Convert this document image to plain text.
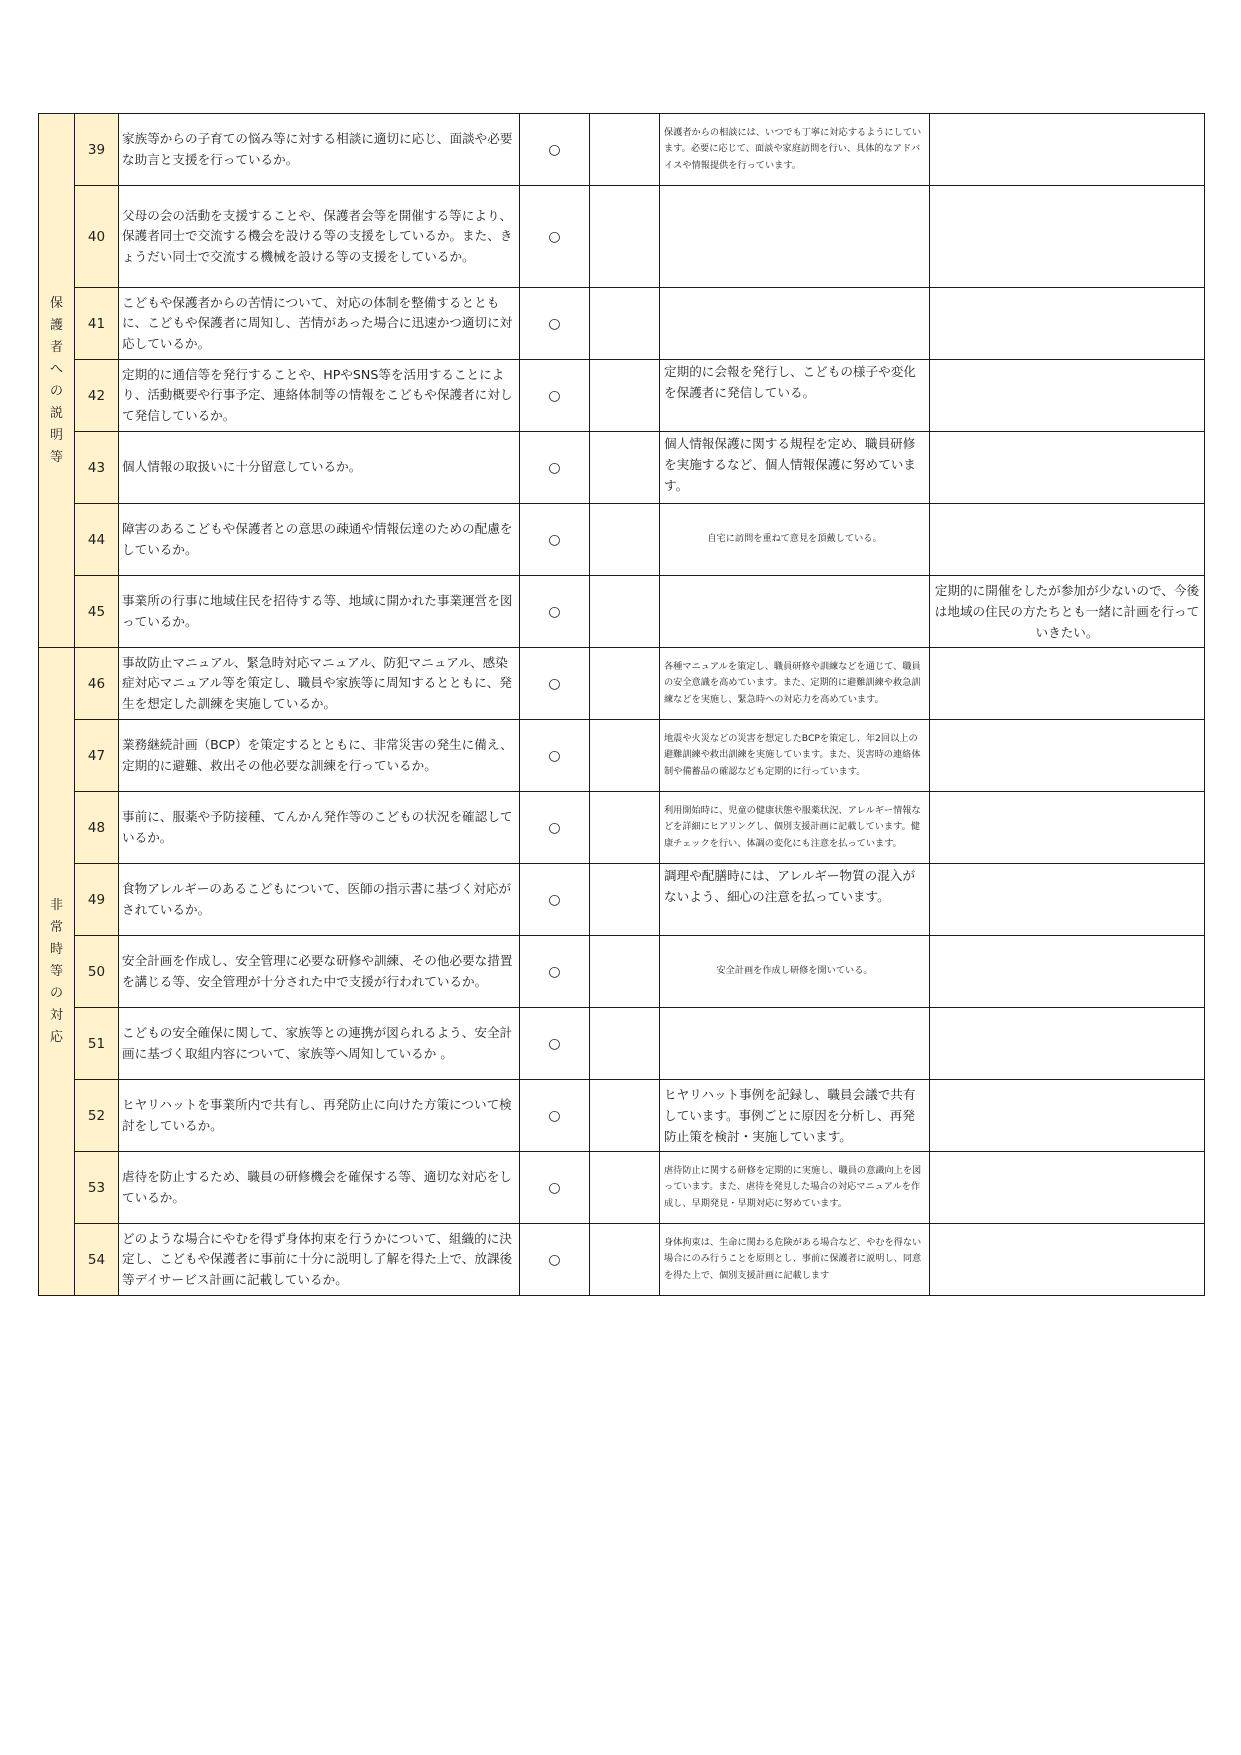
保護者への説明等	39	家族等からの子育ての悩み等に対する相談に適切に応じ、面談や必要な助言と支援を行っているか。	○		保護者からの相談には、いつでも丁寧に対応するようにしています。必要に応じて、面談や家庭訪問を行い、具体的なアドバイスや情報提供を行っています。	
	40	父母の会の活動を支援することや、保護者会等を開催する等により、保護者同士で交流する機会を設ける等の支援をしているか。また、きょうだい同士で交流する機械を設ける等の支援をしているか。	○			
	41	こどもや保護者からの苦情について、対応の体制を整備するとともに、こどもや保護者に周知し、苦情があった場合に迅速かつ適切に対応しているか。	○			
	42	定期的に通信等を発行することや、HPやSNS等を活用することにより、活動概要や行事予定、連絡体制等の情報をこどもや保護者に対して発信しているか。	○		定期的に会報を発行し、こどもの様子や変化を保護者に発信している。	
	43	個人情報の取扱いに十分留意しているか。	○		個人情報保護に関する規程を定め、職員研修を実施するなど、個人情報保護に努めています。	
	44	障害のあるこどもや保護者との意思の疎通や情報伝達のための配慮をしているか。	○		自宅に訪問を重ねて意見を頂戴している。	
	45	事業所の行事に地域住民を招待する等、地域に開かれた事業運営を図っているか。	○			定期的に開催をしたが参加が少ないので、今後は地域の住民の方たちとも一緒に計画を行っていきたい。
非常時等の対応	46	事故防止マニュアル、緊急時対応マニュアル、防犯マニュアル、感染症対応マニュアル等を策定し、職員や家族等に周知するとともに、発生を想定した訓練を実施しているか。	○		各種マニュアルを策定し、職員研修や訓練などを通じて、職員の安全意識を高めています。また、定期的に避難訓練や救急訓練などを実施し、緊急時への対応力を高めています。	
	47	業務継続計画（BCP）を策定するとともに、非常災害の発生に備え、定期的に避難、救出その他必要な訓練を行っているか。	○		地震や火災などの災害を想定したBCPを策定し、年2回以上の避難訓練や救出訓練を実施しています。また、災害時の連絡体制や備蓄品の確認なども定期的に行っています。	
	48	事前に、服薬や予防接種、てんかん発作等のこどもの状況を確認しているか。	○		利用開始時に、児童の健康状態や服薬状況、アレルギー情報などを詳細にヒアリングし、個別支援計画に記載しています。健康チェックを行い、体調の変化にも注意を払っています。	
	49	食物アレルギーのあるこどもについて、医師の指示書に基づく対応がされているか。	○		調理や配膳時には、アレルギー物質の混入がないよう、細心の注意を払っています。	
	50	安全計画を作成し、安全管理に必要な研修や訓練、その他必要な措置を講じる等、安全管理が十分された中で支援が行われているか。	○		安全計画を作成し研修を開いている。	
	51	こどもの安全確保に関して、家族等との連携が図られるよう、安全計画に基づく取組内容について、家族等へ周知しているか 。	○			
	52	ヒヤリハットを事業所内で共有し、再発防止に向けた方策について検討をしているか。	○		ヒヤリハット事例を記録し、職員会議で共有しています。事例ごとに原因を分析し、再発防止策を検討・実施しています。	
	53	虐待を防止するため、職員の研修機会を確保する等、適切な対応をしているか。	○		虐待防止に関する研修を定期的に実施し、職員の意識向上を図っています。また、虐待を発見した場合の対応マニュアルを作成し、早期発見・早期対応に努めています。	
	54	どのような場合にやむを得ず身体拘束を行うかについて、組織的に決定し、こどもや保護者に事前に十分に説明し了解を得た上で、放課後等デイサービス計画に記載しているか。	○		身体拘束は、生命に関わる危険がある場合など、やむを得ない場合にのみ行うことを原則とし、事前に保護者に説明し、同意を得た上で、個別支援計画に記載します	
